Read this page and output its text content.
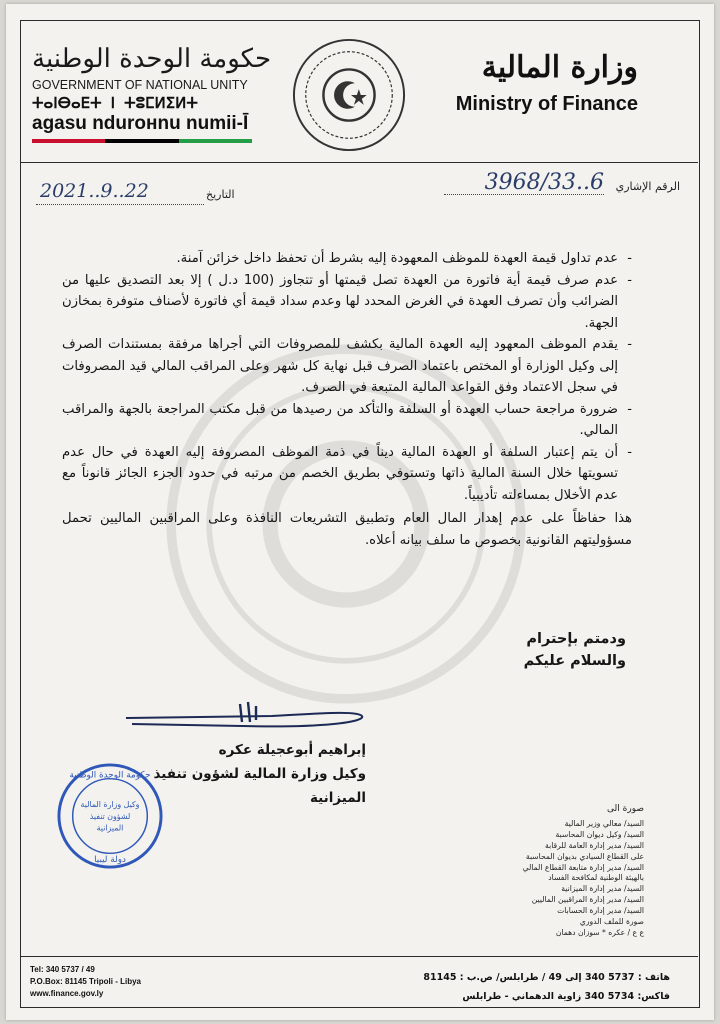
حكومة الوحدة الوطنية
GOVERNMENT OF NATIONAL UNITY
ⵜⴰⵏⴱⴰⴹⵜ ⵏ ⵜⵓⵎⵍⵉⵍⵜ
agasu ndurонnu numii-Ī
وزارة المالية
Ministry of Finance
الرقم الإشاري
3968/33..6
التاريخ
2021..9..22
- عدم تداول قيمة العهدة للموظف المعهودة إليه بشرط أن تحفظ داخل خزائن آمنة.
- عدم صرف قيمة أية فاتورة من العهدة تصل قيمتها أو تتجاوز (100 د.ل ) إلا بعد التصديق عليها من الضرائب وأن تصرف العهدة في الغرض المحدد لها وعدم سداد قيمة أي فاتورة لأصناف متوفرة بمخازن الجهة.
- يقدم الموظف المعهود إليه العهدة المالية بكشف للمصروفات التي أجراها مرفقة بمستندات الصرف إلى وكيل الوزارة أو المختص باعتماد الصرف قبل نهاية كل شهر وعلى المراقب المالي قيد المصروفات في سجل الاعتماد وفق القواعد المالية المتبعة في الصرف.
- ضرورة مراجعة حساب العهدة أو السلفة والتأكد من رصيدها من قبل مكتب المراجعة بالجهة والمراقب المالي.
- أن يتم إعتبار السلفة أو العهدة المالية ديناً في ذمة الموظف المصروفة إليه العهدة في حال عدم تسويتها خلال السنة المالية ذاتها وتستوفي بطريق الخصم من مرتبه في حدود الجزء الجائز قانوناً مع عدم الأخلال بمساءلته تأديبياً.
هذا حفاظاً على عدم إهدار المال العام وتطبيق التشريعات النافذة وعلى المراقبين الماليين تحمل مسؤوليتهم القانونية بخصوص ما سلف بيانه أعلاه.
ودمتم بإحترام
والسلام عليكم
إبراهيم أبوعجيلة عكره
وكيل وزارة المالية لشؤون تنفيذ الميزانية
حكومة الوحدة الوطنية
وكيل وزارة المالية
لشؤون تنفيذ
الميزانية
دولة ليبيا
صورة الى
السيد/ معالي وزير المالية
السيد/ وكيل ديوان المحاسبة
السيد/ مدير إدارة العامة للرقابة
على القطاع السيادي بديوان المحاسبة
السيد/ مدير إدارة متابعة القطاع المالي
بالهيئة الوطنية لمكافحة الفساد
السيد/ مدير إدارة الميزانية
السيد/ مدير إدارة المراقبين الماليين
السيد/ مدير إدارة الحسابات
صورة للملف الدوري
ع ع / عكره * سوزان دهمان
Tel: 340 5737 / 49
P.O.Box: 81145 Tripoli - Libya
www.finance.gov.ly
هاتف : 5737 340 إلى 49 / طرابلس/ ص.ب : 81145
فاكس: 5734 340 زاوية الدهماني - طرابلس
